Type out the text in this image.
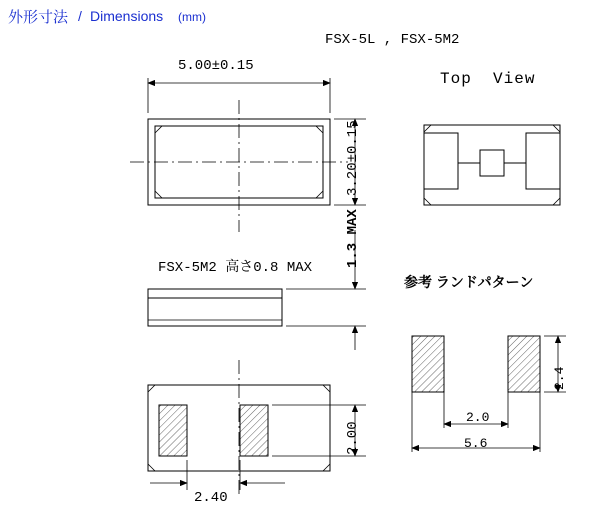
外形寸法 / Dimensions (mm)
FSX-5L , FSX-5M2
Top  View
FSX-5M2 高さ0.8 MAX
参考 ランドパターン
5.00±0.15
3.20±0.15
1.3 MAX
2.00
2.40
2.4
2.0
5.6
